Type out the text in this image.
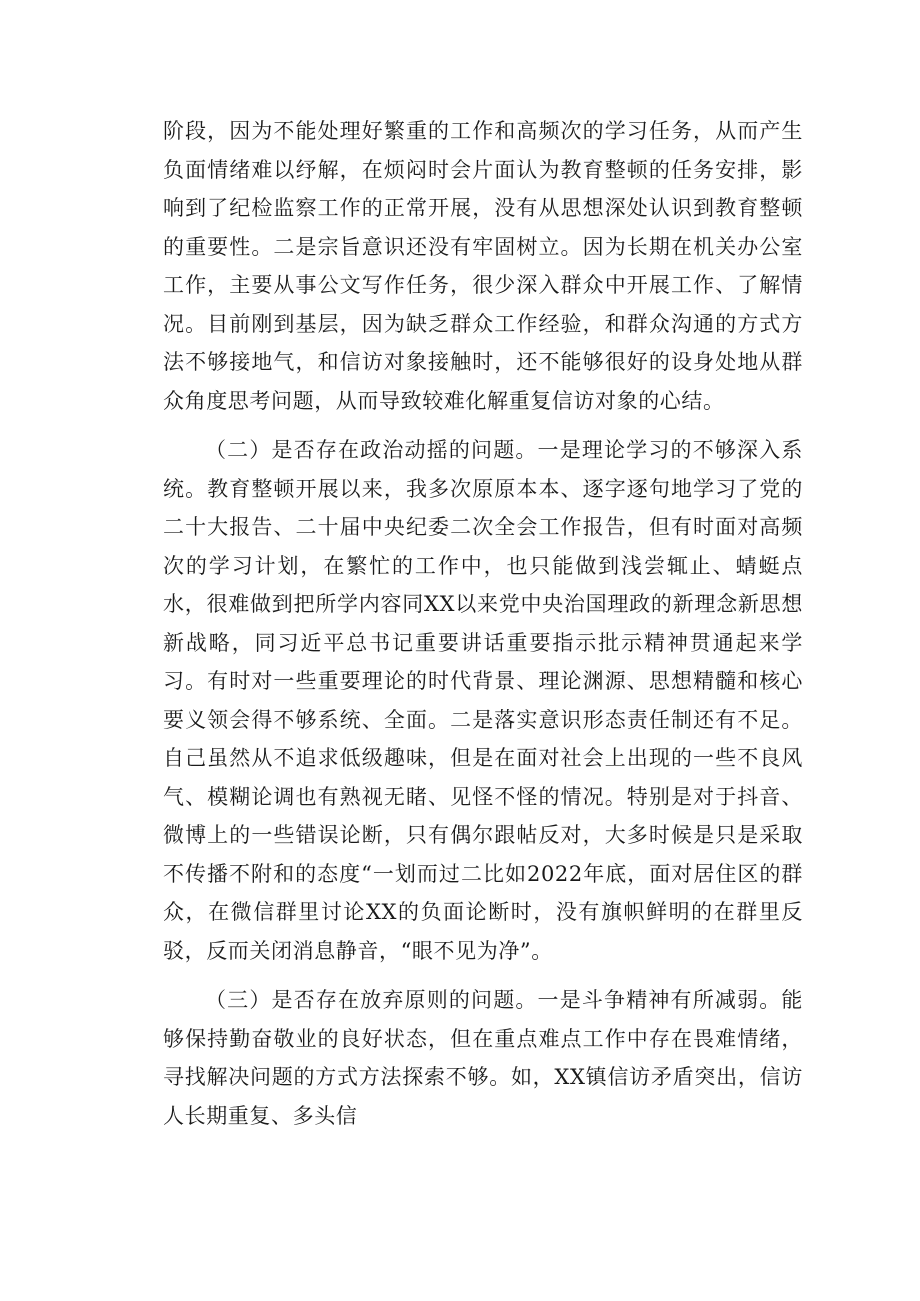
阶段，因为不能处理好繁重的工作和高频次的学习任务，从而产生负面情绪难以纾解，在烦闷时会片面认为教育整顿的任务安排，影响到了纪检监察工作的正常开展，没有从思想深处认识到教育整顿的重要性。二是宗旨意识还没有牢固树立。因为长期在机关办公室工作，主要从事公文写作任务，很少深入群众中开展工作、了解情况。目前刚到基层，因为缺乏群众工作经验，和群众沟通的方式方法不够接地气，和信访对象接触时，还不能够很好的设身处地从群众角度思考问题，从而导致较难化解重复信访对象的心结。

（二）是否存在政治动摇的问题。一是理论学习的不够深入系统。教育整顿开展以来，我多次原原本本、逐字逐句地学习了党的二十大报告、二十届中央纪委二次全会工作报告，但有时面对高频次的学习计划，在繁忙的工作中，也只能做到浅尝辄止、蜻蜓点水，很难做到把所学内容同XX以来党中央治国理政的新理念新思想新战略，同习近平总书记重要讲话重要指示批示精神贯通起来学习。有时对一些重要理论的时代背景、理论渊源、思想精髓和核心要义领会得不够系统、全面。二是落实意识形态责任制还有不足。自己虽然从不追求低级趣味，但是在面对社会上出现的一些不良风气、模糊论调也有熟视无睹、见怪不怪的情况。特别是对于抖音、微博上的一些错误论断，只有偶尔跟帖反对，大多时候是只是采取不传播不附和的态度“一划而过二比如2022年底，面对居住区的群众，在微信群里讨论XX的负面论断时，没有旗帜鲜明的在群里反驳，反而关闭消息静音，“眼不见为净”。

（三）是否存在放弃原则的问题。一是斗争精神有所减弱。能够保持勤奋敬业的良好状态，但在重点难点工作中存在畏难情绪，寻找解决问题的方式方法探索不够。如，XX镇信访矛盾突出，信访人长期重复、多头信
